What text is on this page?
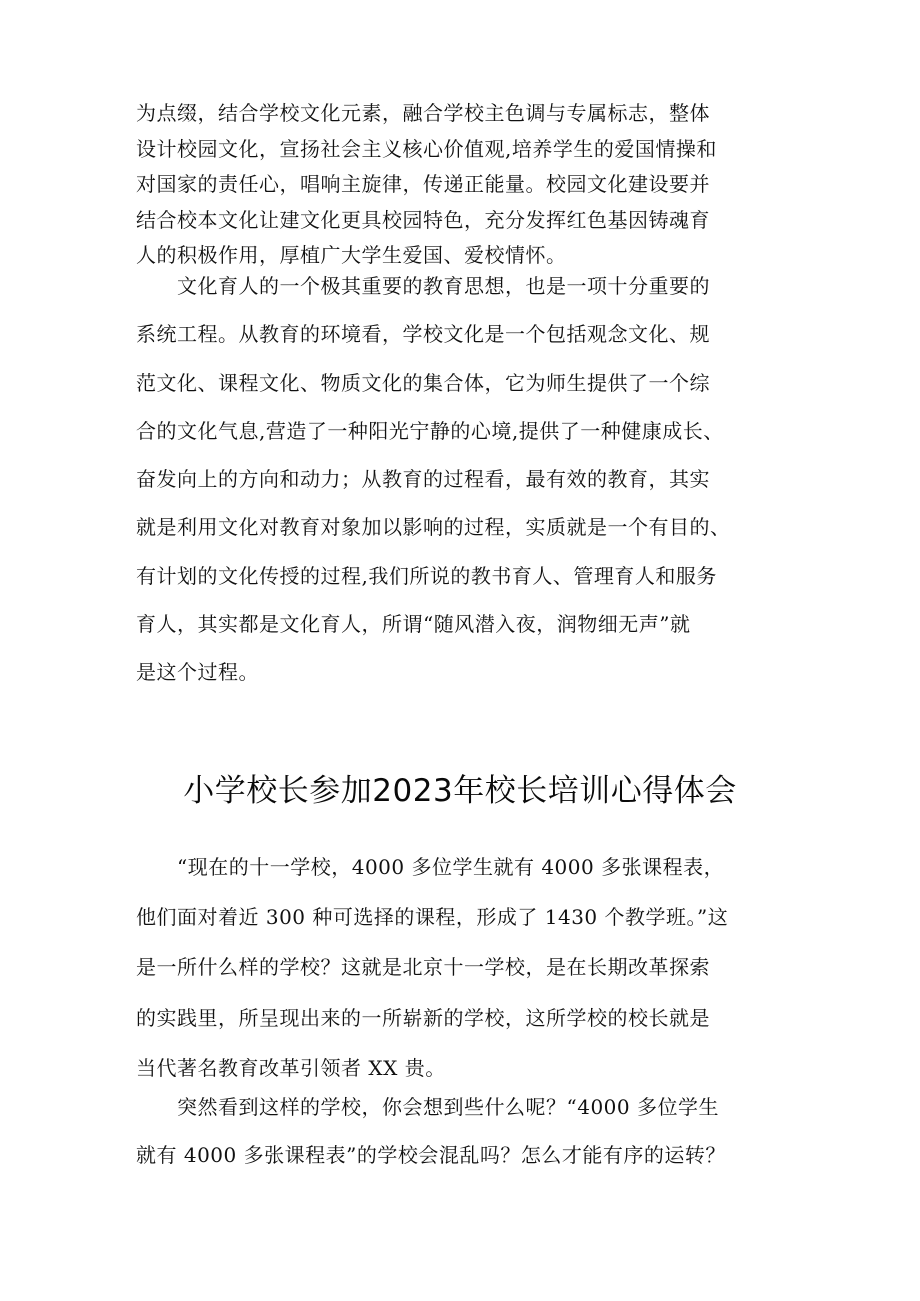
为点缀，结合学校文化元素，融合学校主色调与专属标志，整体
设计校园文化，宣扬社会主义核心价值观,培养学生的爱国情操和
对国家的责任心，唱响主旋律，传递正能量。校园文化建设要并
结合校本文化让建文化更具校园特色，充分发挥红色基因铸魂育
人的积极作用，厚植广大学生爱国、爱校情怀。
　　文化育人的一个极其重要的教育思想，也是一项十分重要的
系统工程。从教育的环境看，学校文化是一个包括观念文化、规
范文化、课程文化、物质文化的集合体，它为师生提供了一个综
合的文化气息,营造了一种阳光宁静的心境,提供了一种健康成长、
奋发向上的方向和动力；从教育的过程看，最有效的教育，其实
就是利用文化对教育对象加以影响的过程，实质就是一个有目的、
有计划的文化传授的过程,我们所说的教书育人、管理育人和服务
育人，其实都是文化育人，所谓“随风潜入夜，润物细无声”就
是这个过程。
小学校长参加2023年校长培训心得体会
　　“现在的十一学校，4000 多位学生就有 4000 多张课程表，
他们面对着近 300 种可选择的课程，形成了 1430 个教学班。”这
是一所什么样的学校？这就是北京十一学校，是在长期改革探索
的实践里，所呈现出来的一所崭新的学校，这所学校的校长就是
当代著名教育改革引领者 XX 贵。
　　突然看到这样的学校，你会想到些什么呢？“4000 多位学生
就有 4000 多张课程表”的学校会混乱吗？怎么才能有序的运转？
